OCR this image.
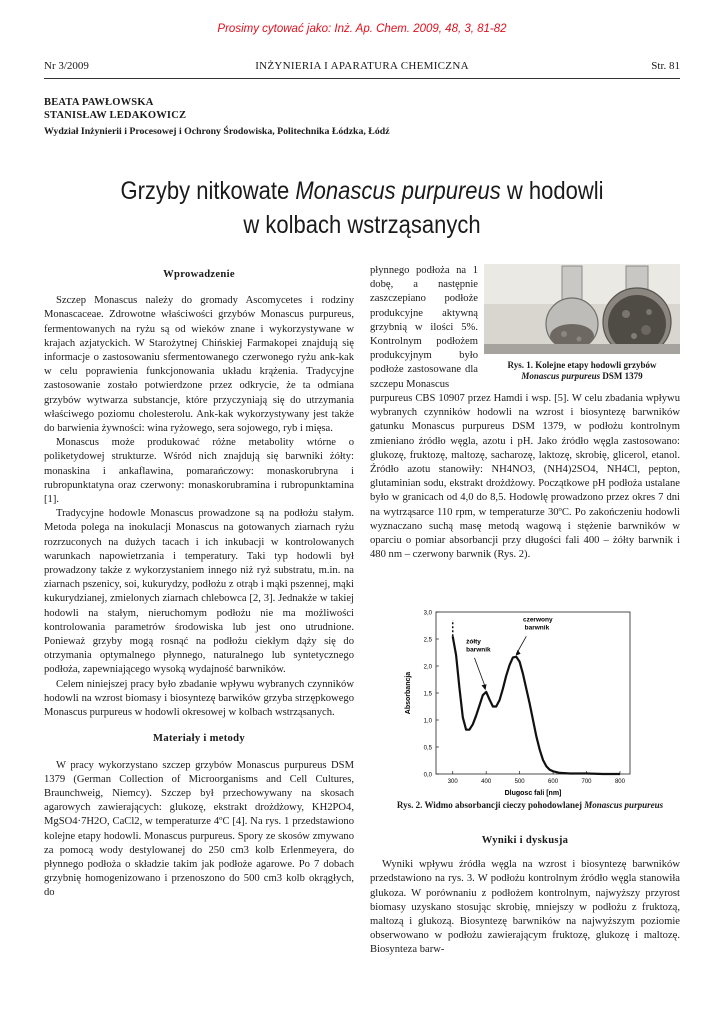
Prosimy cytować jako: Inż. Ap. Chem. 2009, 48, 3, 81-82
Nr 3/2009	INŻYNIERIA I APARATURA CHEMICZNA	Str. 81
BEATA PAWŁOWSKA
STANISŁAW LEDAKOWICZ
Wydział Inżynierii i Procesowej i Ochrony Środowiska, Politechnika Łódzka, Łódź
Grzyby nitkowate Monascus purpureus w hodowli
w kolbach wstrząsanych
Wprowadzenie

Szczep Monascus należy do gromady Ascomycetes i rodziny Monascaceae. Zdrowotne właściwości grzybów Monascus purpureus, fermentowanych na ryżu są od wieków znane i wykorzystywane w krajach azjatyckich. W Starożytnej Chińskiej Farmakopei znajdują się informacje o zastosowaniu sfermentowanego czerwonego ryżu ank-kak w celu poprawienia funkcjonowania układu krążenia. Tradycyjne zastosowanie zostało potwierdzone przez odkrycie, że ta odmiana grzybów wytwarza substancje, które przyczyniają się do utrzymania właściwego poziomu cholesterolu. Ank-kak wykorzystywany jest także do barwienia żywności: wina ryżowego, sera sojowego, ryb i mięsa.

Monascus może produkować różne metabolity wtórne o poliketydowej strukturze. Wśród nich znajdują się barwniki żółty: monaskina i ankaflawina, pomarańczowy: monaskorubryna i rubropunktatyna oraz czerwony: monaskorubramina i rubropunktamina [1].

Tradycyjne hodowle Monascus prowadzone są na podłożu stałym. Metoda polega na inokulacji Monascus na gotowanych ziarnach ryżu rozrzuconych na dużych tacach i ich inkubacji w kontrolowanych warunkach napowietrzania i temperatury. Taki typ hodowli był prowadzony także z wykorzystaniem innego niż ryż substratu, m.in. na ziarnach pszenicy, soi, kukurydzy, podłożu z otrąb i mąki pszennej, mąki kukurydzianej, zmielonych ziarnach chlebowca [2, 3]. Jednakże w takiej hodowli na stałym, nieruchomym podłożu nie ma możliwości kontrolowania parametrów środowiska lub jest ono utrudnione. Ponieważ grzyby mogą rosnąć na podłożu ciekłym dąży się do otrzymania optymalnego płynnego, naturalnego lub syntetycznego podłoża, zapewniającego wysoką wydajność barwników.

Celem niniejszej pracy było zbadanie wpływu wybranych czynników hodowli na wzrost biomasy i biosyntezę barwików grzyba strzępkowego Monascus purpureus w hodowli okresowej w kolbach wstrząsanych.

Materiały i metody

W pracy wykorzystano szczep grzybów Monascus purpureus DSM 1379 (German Collection of Microorganisms and Cell Cultures, Braunchweig, Niemcy). Szczep był przechowywany na skosach agarowych zawierających: glukozę, ekstrakt drożdżowy, KH2PO4, MgSO4·7H2O, CaCl2, w temperaturze 4ºC [4]. Na rys. 1 przedstawiono kolejne etapy hodowli. Monascus purpureus. Spory ze skosów zmywano za pomocą wody destylowanej do 250 cm3 kolb Erlenmeyera, do płynnego podłoża o składzie takim jak podłoże agarowe. Po 7 dobach grzybnię homogenizowano i przenoszono do 500 cm3 kolb okrągłych, do

płynnego podłoża na 1 dobę, a następnie zaszczepiano podłoże produkcyjne aktywną grzybnią w ilości 5%. Kontrolnym podłożem produkcyjnym było podłoże zastosowane dla szczepu Monascus
Rys. 1. Kolejne etapy hodowli grzybów
Monascus purpureus DSM 1379

purpureus CBS 10907 przez Hamdi i wsp. [5]. W celu zbadania wpływu wybranych czynników hodowli na wzrost i biosyntezę barwników gatunku Monascus purpureus DSM 1379, w podłożu kontrolnym zmieniano źródło węgla, azotu i pH. Jako źródło węgla zastosowano: glukozę, fruktozę, maltozę, sacharozę, laktozę, skrobię, glicerol, etanol. Źródło azotu stanowiły: NH4NO3, (NH4)2SO4, NH4Cl, pepton, glutaminian sodu, ekstrakt drożdżowy. Początkowe pH podłoża ustalane było w granicach od 4,0 do 8,5. Hodowlę prowadzono przez okres 7 dni na wytrząsarce 110 rpm, w temperaturze 30ºC. Po zakończeniu hodowli wyznaczano suchą masę metodą wagową i stężenie barwników w oparciu o pomiar absorbancji przy długości fali 400 – żółty barwnik i 480 nm – czerwony barwnik (Rys. 2).

0,0
0,5
1,0
1,5
2,0
2,5
3,0
300	400	500	600	700	800
Dlugosc fali [nm]
Absorbancja
żółty barwnik
czerwony barwnik
Rys. 2. Widmo absorbancji cieczy pohodowlanej Monascus purpureus
Wyniki i dyskusja

Wyniki wpływu źródła węgla na wzrost i biosyntezę barwników przedstawiono na rys. 3. W podłożu kontrolnym źródło węgla stanowiła glukoza. W porównaniu z podłożem kontrolnym, najwyższy przyrost biomasy uzyskano stosując skrobię, mniejszy w podłożu z fruktozą, maltozą i glukozą. Biosyntezę barwników na najwyższym poziomie obserwowano w podłożu zawierającym fruktozę, glukozę i maltozę. Biosynteza barw-
